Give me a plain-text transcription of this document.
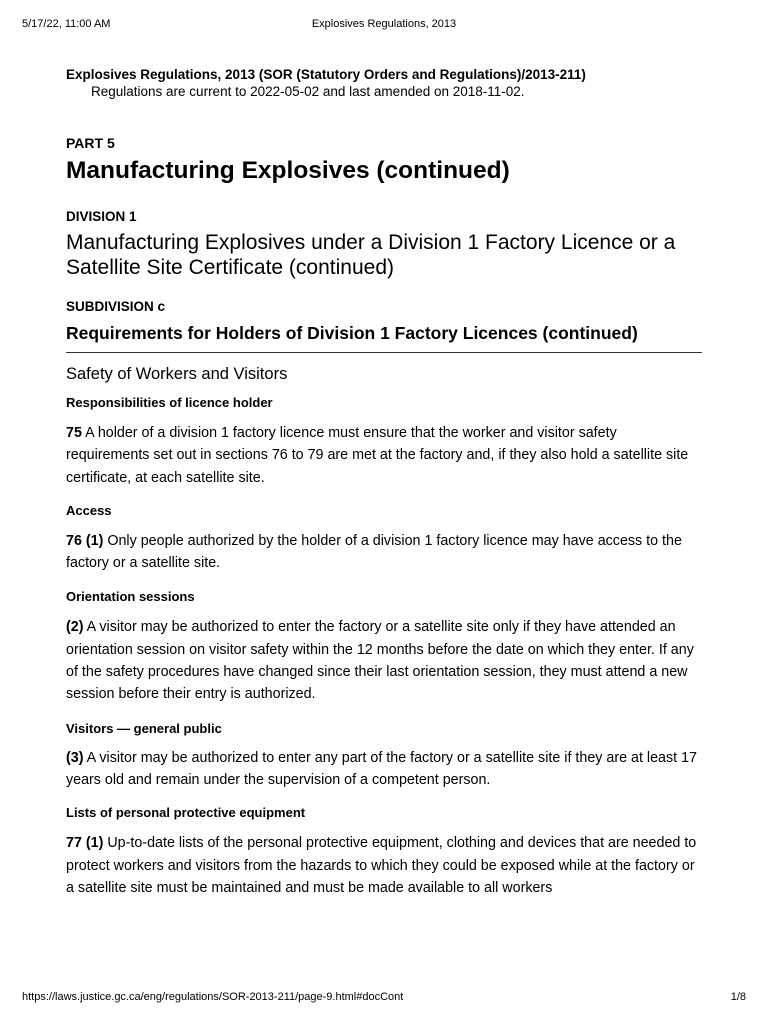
5/17/22, 11:00 AM	Explosives Regulations, 2013
Explosives Regulations, 2013 (SOR (Statutory Orders and Regulations)/2013-211)
Regulations are current to 2022-05-02 and last amended on 2018-11-02.
PART 5
Manufacturing Explosives (continued)
DIVISION 1
Manufacturing Explosives under a Division 1 Factory Licence or a Satellite Site Certificate (continued)
SUBDIVISION c
Requirements for Holders of Division 1 Factory Licences (continued)
Safety of Workers and Visitors
Responsibilities of licence holder

75 A holder of a division 1 factory licence must ensure that the worker and visitor safety requirements set out in sections 76 to 79 are met at the factory and, if they also hold a satellite site certificate, at each satellite site.

Access

76 (1) Only people authorized by the holder of a division 1 factory licence may have access to the factory or a satellite site.

Orientation sessions

(2) A visitor may be authorized to enter the factory or a satellite site only if they have attended an orientation session on visitor safety within the 12 months before the date on which they enter. If any of the safety procedures have changed since their last orientation session, they must attend a new session before their entry is authorized.

Visitors — general public

(3) A visitor may be authorized to enter any part of the factory or a satellite site if they are at least 17 years old and remain under the supervision of a competent person.

Lists of personal protective equipment

77 (1) Up-to-date lists of the personal protective equipment, clothing and devices that are needed to protect workers and visitors from the hazards to which they could be exposed while at the factory or a satellite site must be maintained and must be made available to all workers

https://laws.justice.gc.ca/eng/regulations/SOR-2013-211/page-9.html#docCont	1/8
